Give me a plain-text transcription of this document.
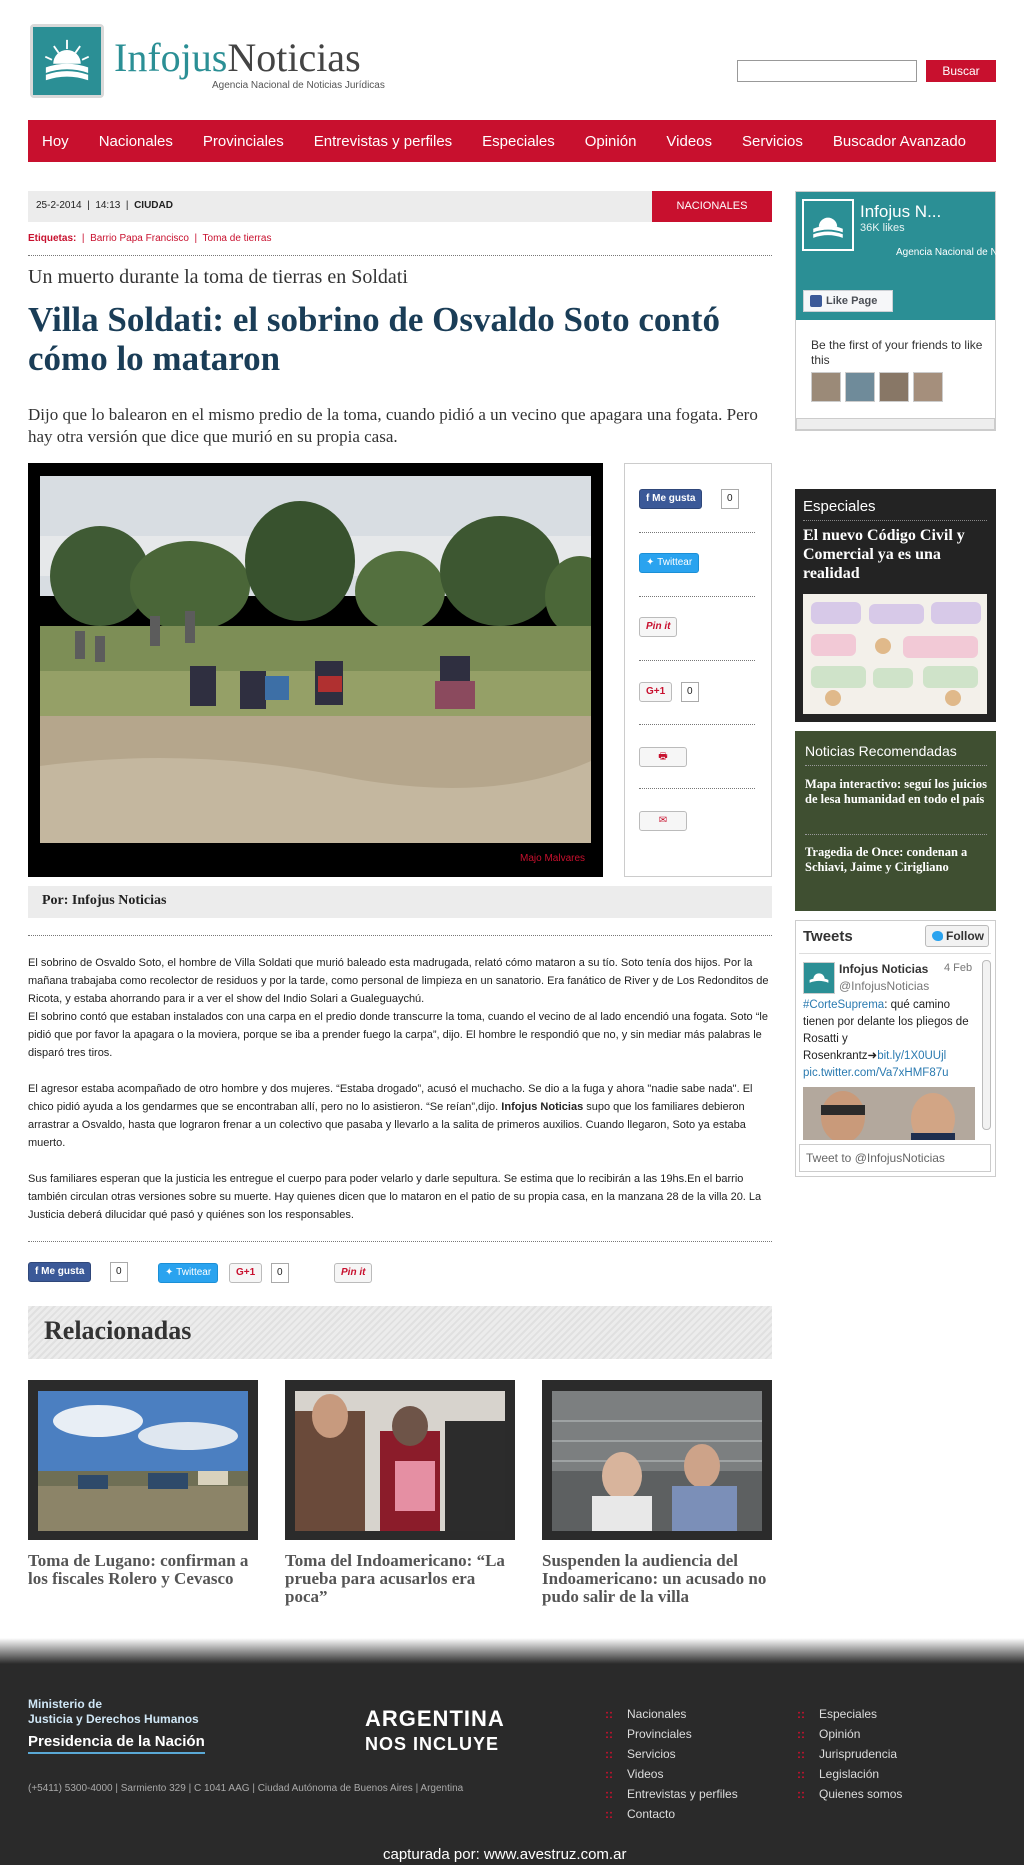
InfojusNoticias
Agencia Nacional de Noticias Jurídicas
Buscar
Hoy Nacionales Provinciales Entrevistas y perfiles Especiales Opinión Videos Servicios Buscador Avanzado
25-2-2014  |  14:13  |  CIUDAD	NACIONALES
Etiquetas:  |  Barrio Papa Francisco  |  Toma de tierras
Un muerto durante la toma de tierras en Soldati
Villa Soldati: el sobrino de Osvaldo Soto contó cómo lo mataron
Dijo que lo balearon en el mismo predio de la toma, cuando pidió a un vecino que apagara una fogata. Pero hay otra versión que dice que murió en su propia casa.
Majo Malvares
f Me gusta	0
✦ Twittear
Pin it
G+1	0
🖶
✉
Por: Infojus Noticias

El sobrino de Osvaldo Soto, el hombre de Villa Soldati que murió baleado esta madrugada, relató cómo mataron a su tío. Soto tenía dos hijos. Por la mañana trabajaba como recolector de residuos y por la tarde, como personal de limpieza en un sanatorio. Era fanático de River y de Los Redonditos de Ricota, y estaba ahorrando para ir a ver el show del Indio Solari a Gualeguaychú.
El sobrino contó que estaban instalados con una carpa en el predio donde transcurre la toma, cuando el vecino de al lado encendió una fogata. Soto “le pidió que por favor la apagara o la moviera, porque se iba a prender fuego la carpa”, dijo. El hombre le respondió que no, y sin mediar más palabras le disparó tres tiros.

El agresor estaba acompañado de otro hombre y dos mujeres. “Estaba drogado”, acusó el muchacho. Se dio a la fuga y ahora "nadie sabe nada". El chico pidió ayuda a los gendarmes que se encontraban allí, pero no lo asistieron. “Se reían”,dijo. Infojus Noticias supo que los familiares debieron arrastrar a Osvaldo, hasta que lograron frenar a un colectivo que pasaba y llevarlo a la salita de primeros auxilios. Cuando llegaron, Soto ya estaba muerto.

Sus familiares esperan que la justicia les entregue el cuerpo para poder velarlo y darle sepultura. Se estima que lo recibirán a las 19hs.En el barrio también circulan otras versiones sobre su muerte. Hay quienes dicen que lo mataron en el patio de su propia casa, en la manzana 28 de la villa 20. La Justicia deberá dilucidar qué pasó y quiénes son los responsables.

f Me gusta	0	✦ Twittear	G+1	0	Pin it
Relacionadas
Toma de Lugano: confirman a los fiscales Rolero y Cevasco
Toma del Indoamericano: “La prueba para acusarlos era poca”
Suspenden la audiencia del Indoamericano: un acusado no pudo salir de la villa
Infojus N...
36K likes
Agencia Nacional de N
Like Page
Be the first of your friends to like this
Especiales
El nuevo Código Civil y Comercial ya es una realidad
Noticias Recomendadas
Mapa interactivo: seguí los juicios de lesa humanidad en todo el país
Tragedia de Once: condenan a Schiavi, Jaime y Cirigliano
Tweets	Follow
Infojus Noticias
@InfojusNoticias
4 Feb
#CorteSuprema: qué camino tienen por delante los pliegos de Rosatti y Rosenkrantz➜bit.ly/1X0UUjl
pic.twitter.com/Va7xHMF87u
Tweet to @InfojusNoticias
Ministerio de
Justicia y Derechos Humanos
Presidencia de la Nación
(+5411) 5300-4000 | Sarmiento 329 | C 1041 AAG | Ciudad Autónoma de Buenos Aires | Argentina
ARGENTINA
NOS INCLUYE
:: Nacionales
:: Provinciales
:: Servicios
:: Videos
:: Entrevistas y perfiles
:: Contacto
:: Especiales
:: Opinión
:: Jurisprudencia
:: Legislación
:: Quienes somos
capturada por: www.avestruz.com.ar
